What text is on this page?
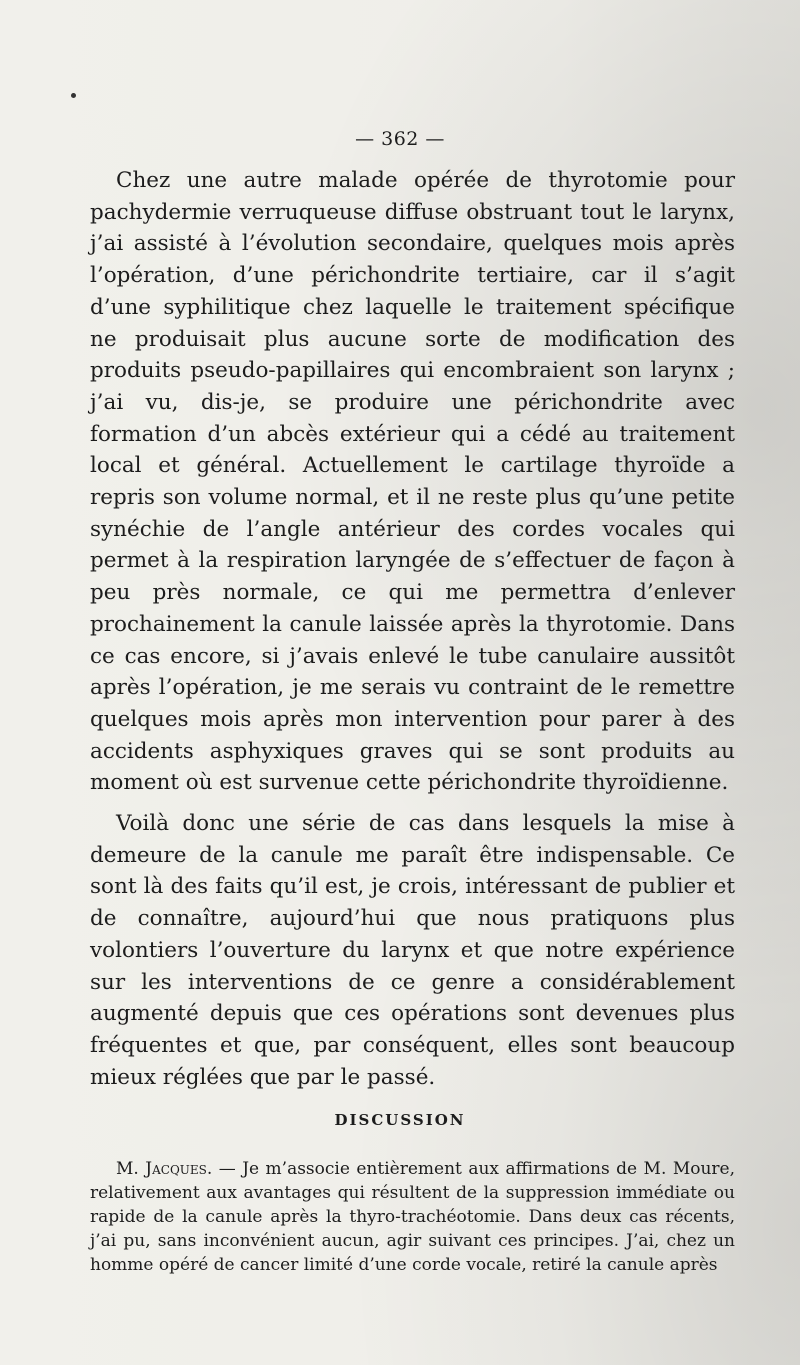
— 362 —

Chez une autre malade opérée de thyrotomie pour pachydermie verruqueuse diffuse obstruant tout le larynx, j’ai assisté à l’évolution secondaire, quelques mois après l’opération, d’une périchondrite tertiaire, car il s’agit d’une syphilitique chez laquelle le traitement spécifique ne produisait plus aucune sorte de modification des produits pseudo-papillaires qui encombraient son larynx ; j’ai vu, dis-je, se produire une périchondrite avec formation d’un abcès extérieur qui a cédé au traitement local et général. Actuellement le cartilage thyroïde a repris son volume normal, et il ne reste plus qu’une petite synéchie de l’angle antérieur des cordes vocales qui permet à la respiration laryngée de s’effectuer de façon à peu près normale, ce qui me permettra d’enlever prochainement la canule laissée après la thyrotomie. Dans ce cas encore, si j’avais enlevé le tube canulaire aussitôt après l’opération, je me serais vu contraint de le remettre quelques mois après mon intervention pour parer à des accidents asphyxiques graves qui se sont produits au moment où est survenue cette périchondrite thyroïdienne.

Voilà donc une série de cas dans lesquels la mise à demeure de la canule me paraît être indispensable. Ce sont là des faits qu’il est, je crois, intéressant de publier et de connaître, aujourd’hui que nous pratiquons plus volontiers l’ouverture du larynx et que notre expérience sur les interventions de ce genre a considérablement augmenté depuis que ces opérations sont devenues plus fréquentes et que, par conséquent, elles sont beaucoup mieux réglées que par le passé.

DISCUSSION

M. Jacques. — Je m’associe entièrement aux affirmations de M. Moure, relativement aux avantages qui résultent de la suppression immédiate ou rapide de la canule après la thyro-trachéotomie. Dans deux cas récents, j’ai pu, sans inconvénient aucun, agir suivant ces principes. J’ai, chez un homme opéré de cancer limité d’une corde vocale, retiré la canule après
